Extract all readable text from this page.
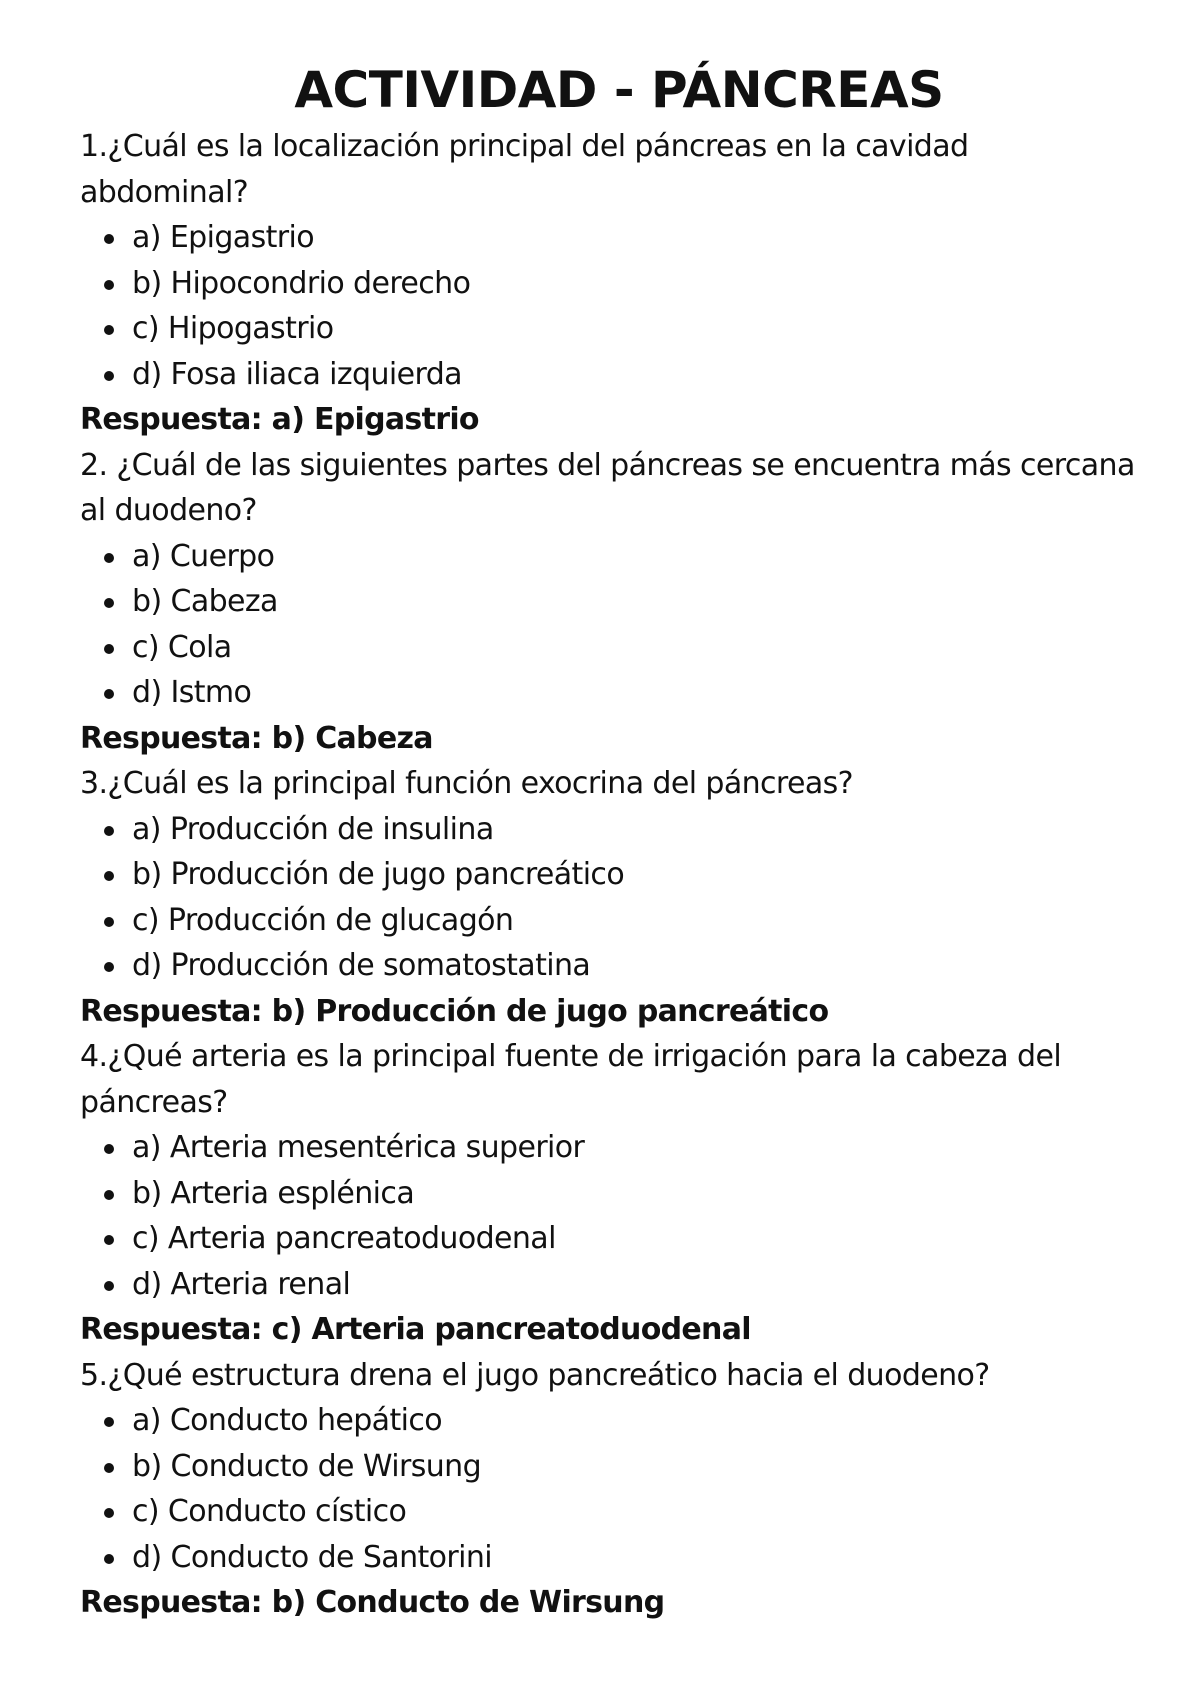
ACTIVIDAD - PÁNCREAS

1.¿Cuál es la localización principal del páncreas en la cavidad abdominal?

a) Epigastrio
b) Hipocondrio derecho
c) Hipogastrio
d) Fosa iliaca izquierda

Respuesta: a) Epigastrio

2. ¿Cuál de las siguientes partes del páncreas se encuentra más cercana al duodeno?

a) Cuerpo
b) Cabeza
c) Cola
d) Istmo

Respuesta: b) Cabeza

3.¿Cuál es la principal función exocrina del páncreas?

a) Producción de insulina
b) Producción de jugo pancreático
c) Producción de glucagón
d) Producción de somatostatina

Respuesta: b) Producción de jugo pancreático

4.¿Qué arteria es la principal fuente de irrigación para la cabeza del páncreas?

a) Arteria mesentérica superior
b) Arteria esplénica
c) Arteria pancreatoduodenal
d) Arteria renal

Respuesta: c) Arteria pancreatoduodenal

5.¿Qué estructura drena el jugo pancreático hacia el duodeno?

a) Conducto hepático
b) Conducto de Wirsung
c) Conducto cístico
d) Conducto de Santorini

Respuesta: b) Conducto de Wirsung
